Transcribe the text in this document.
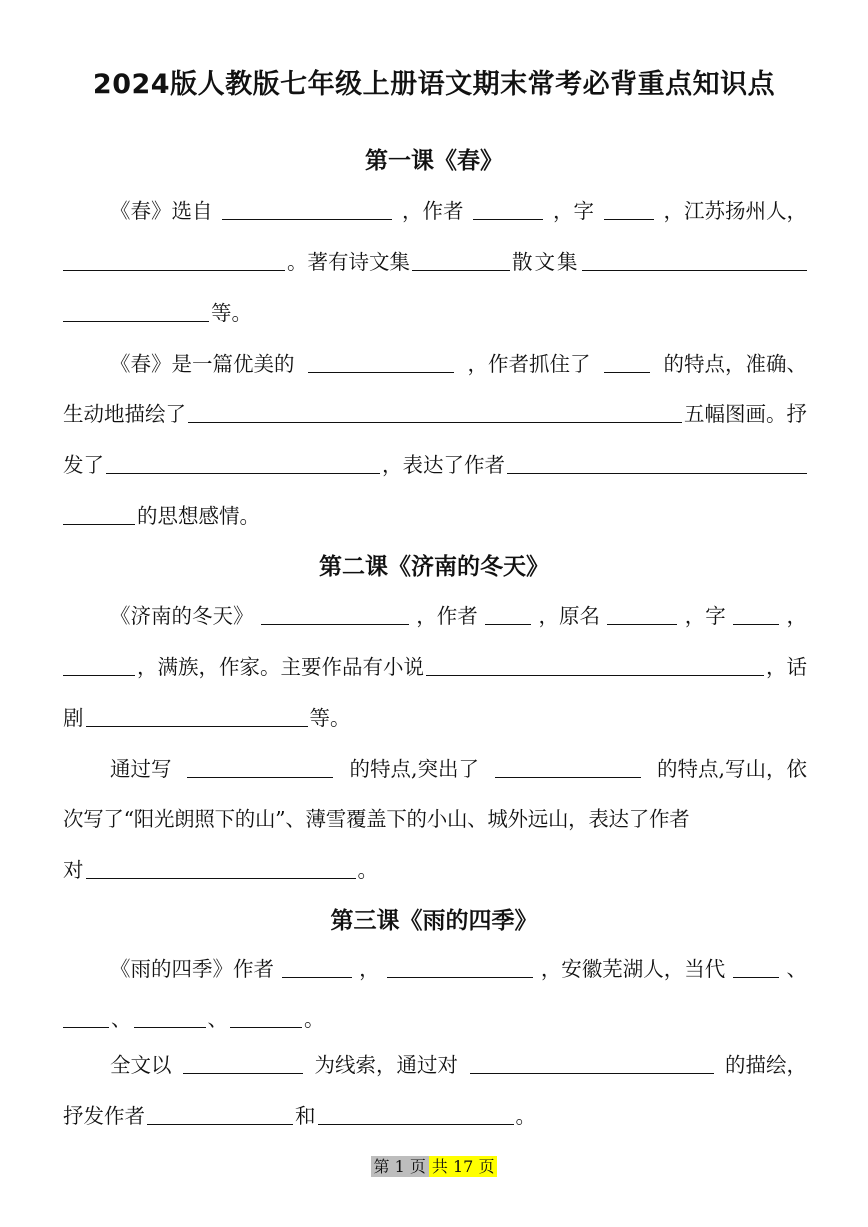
2024版人教版七年级上册语文期末常考必背重点知识点
第一课《春》
《春》选自	，作者	，字	，江苏扬州人，
。著有诗文集	散文集
等。
《春》是一篇优美的	，作者抓住了	的特点，准确、
生动地描绘了	五幅图画。抒
发了	，表达了作者
的思想感情。
第二课《济南的冬天》
《济南的冬天》	，作者	，原名	，字	，
，满族，作家。主要作品有小说	，话
剧	等。
通过写	的特点,突出了	的特点,写山，依
次写了“阳光朗照下的山”、薄雪覆盖下的小山、城外远山，表达了作者
对	。
第三课《雨的四季》
《雨的四季》作者	，	，安徽芜湖人，当代	、
、	、	。
全文以	为线索，通过对	的描绘，
抒发作者	和	。
第 1 页 共 17 页
